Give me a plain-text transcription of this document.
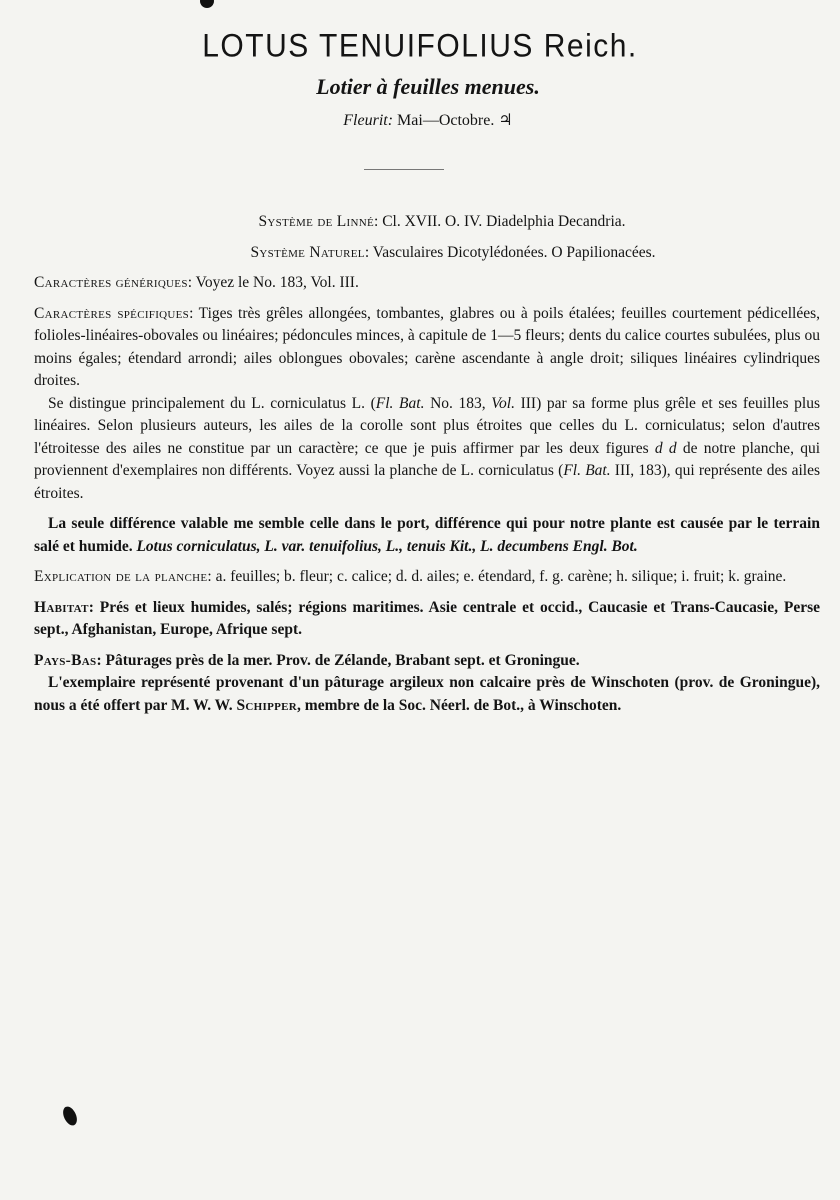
LOTUS TENUIFOLIUS Reich.
Lotier à feuilles menues.
Fleurit: Mai—Octobre. ♃

Système de Linné: Cl. XVII. O. IV. Diadelphia Decandria.

Système Naturel: Vasculaires Dicotylédonées. O Papilionacées.

Caractères génériques: Voyez le No. 183, Vol. III.

Caractères spécifiques: Tiges très grêles allongées, tombantes, glabres ou à poils étalées; feuilles courtement pédicellées, folioles-linéaires-obovales ou linéaires; pédoncules minces, à capitule de 1—5 fleurs; dents du calice courtes subulées, plus ou moins égales; étendard arrondi; ailes oblongues obovales; carène ascendante à angle droit; siliques linéaires cylindriques droites.

Se distingue principalement du L. corniculatus L. (Fl. Bat. No. 183, Vol. III) par sa forme plus grêle et ses feuilles plus linéaires. Selon plusieurs auteurs, les ailes de la corolle sont plus étroites que celles du L. corniculatus; selon d'autres l'étroitesse des ailes ne constitue par un caractère; ce que je puis affirmer par les deux figures d d de notre planche, qui proviennent d'exemplaires non différents. Voyez aussi la planche de L. corniculatus (Fl. Bat. III, 183), qui représente des ailes étroites.

La seule différence valable me semble celle dans le port, différence qui pour notre plante est causée par le terrain salé et humide. Lotus corniculatus, L. var. tenuifolius, L., tenuis Kit., L. decumbens Engl. Bot.

Explication de la planche: a. feuilles; b. fleur; c. calice; d. d. ailes; e. étendard, f. g. carène; h. silique; i. fruit; k. graine.

Habitat: Prés et lieux humides, salés; régions maritimes. Asie centrale et occid., Caucasie et Trans-Caucasie, Perse sept., Afghanistan, Europe, Afrique sept.

Pays-Bas: Pâturages près de la mer. Prov. de Zélande, Brabant sept. et Groningue.

L'exemplaire représenté provenant d'un pâturage argileux non calcaire près de Winschoten (prov. de Groningue), nous a été offert par M. W. W. Schipper, membre de la Soc. Néerl. de Bot., à Winschoten.
